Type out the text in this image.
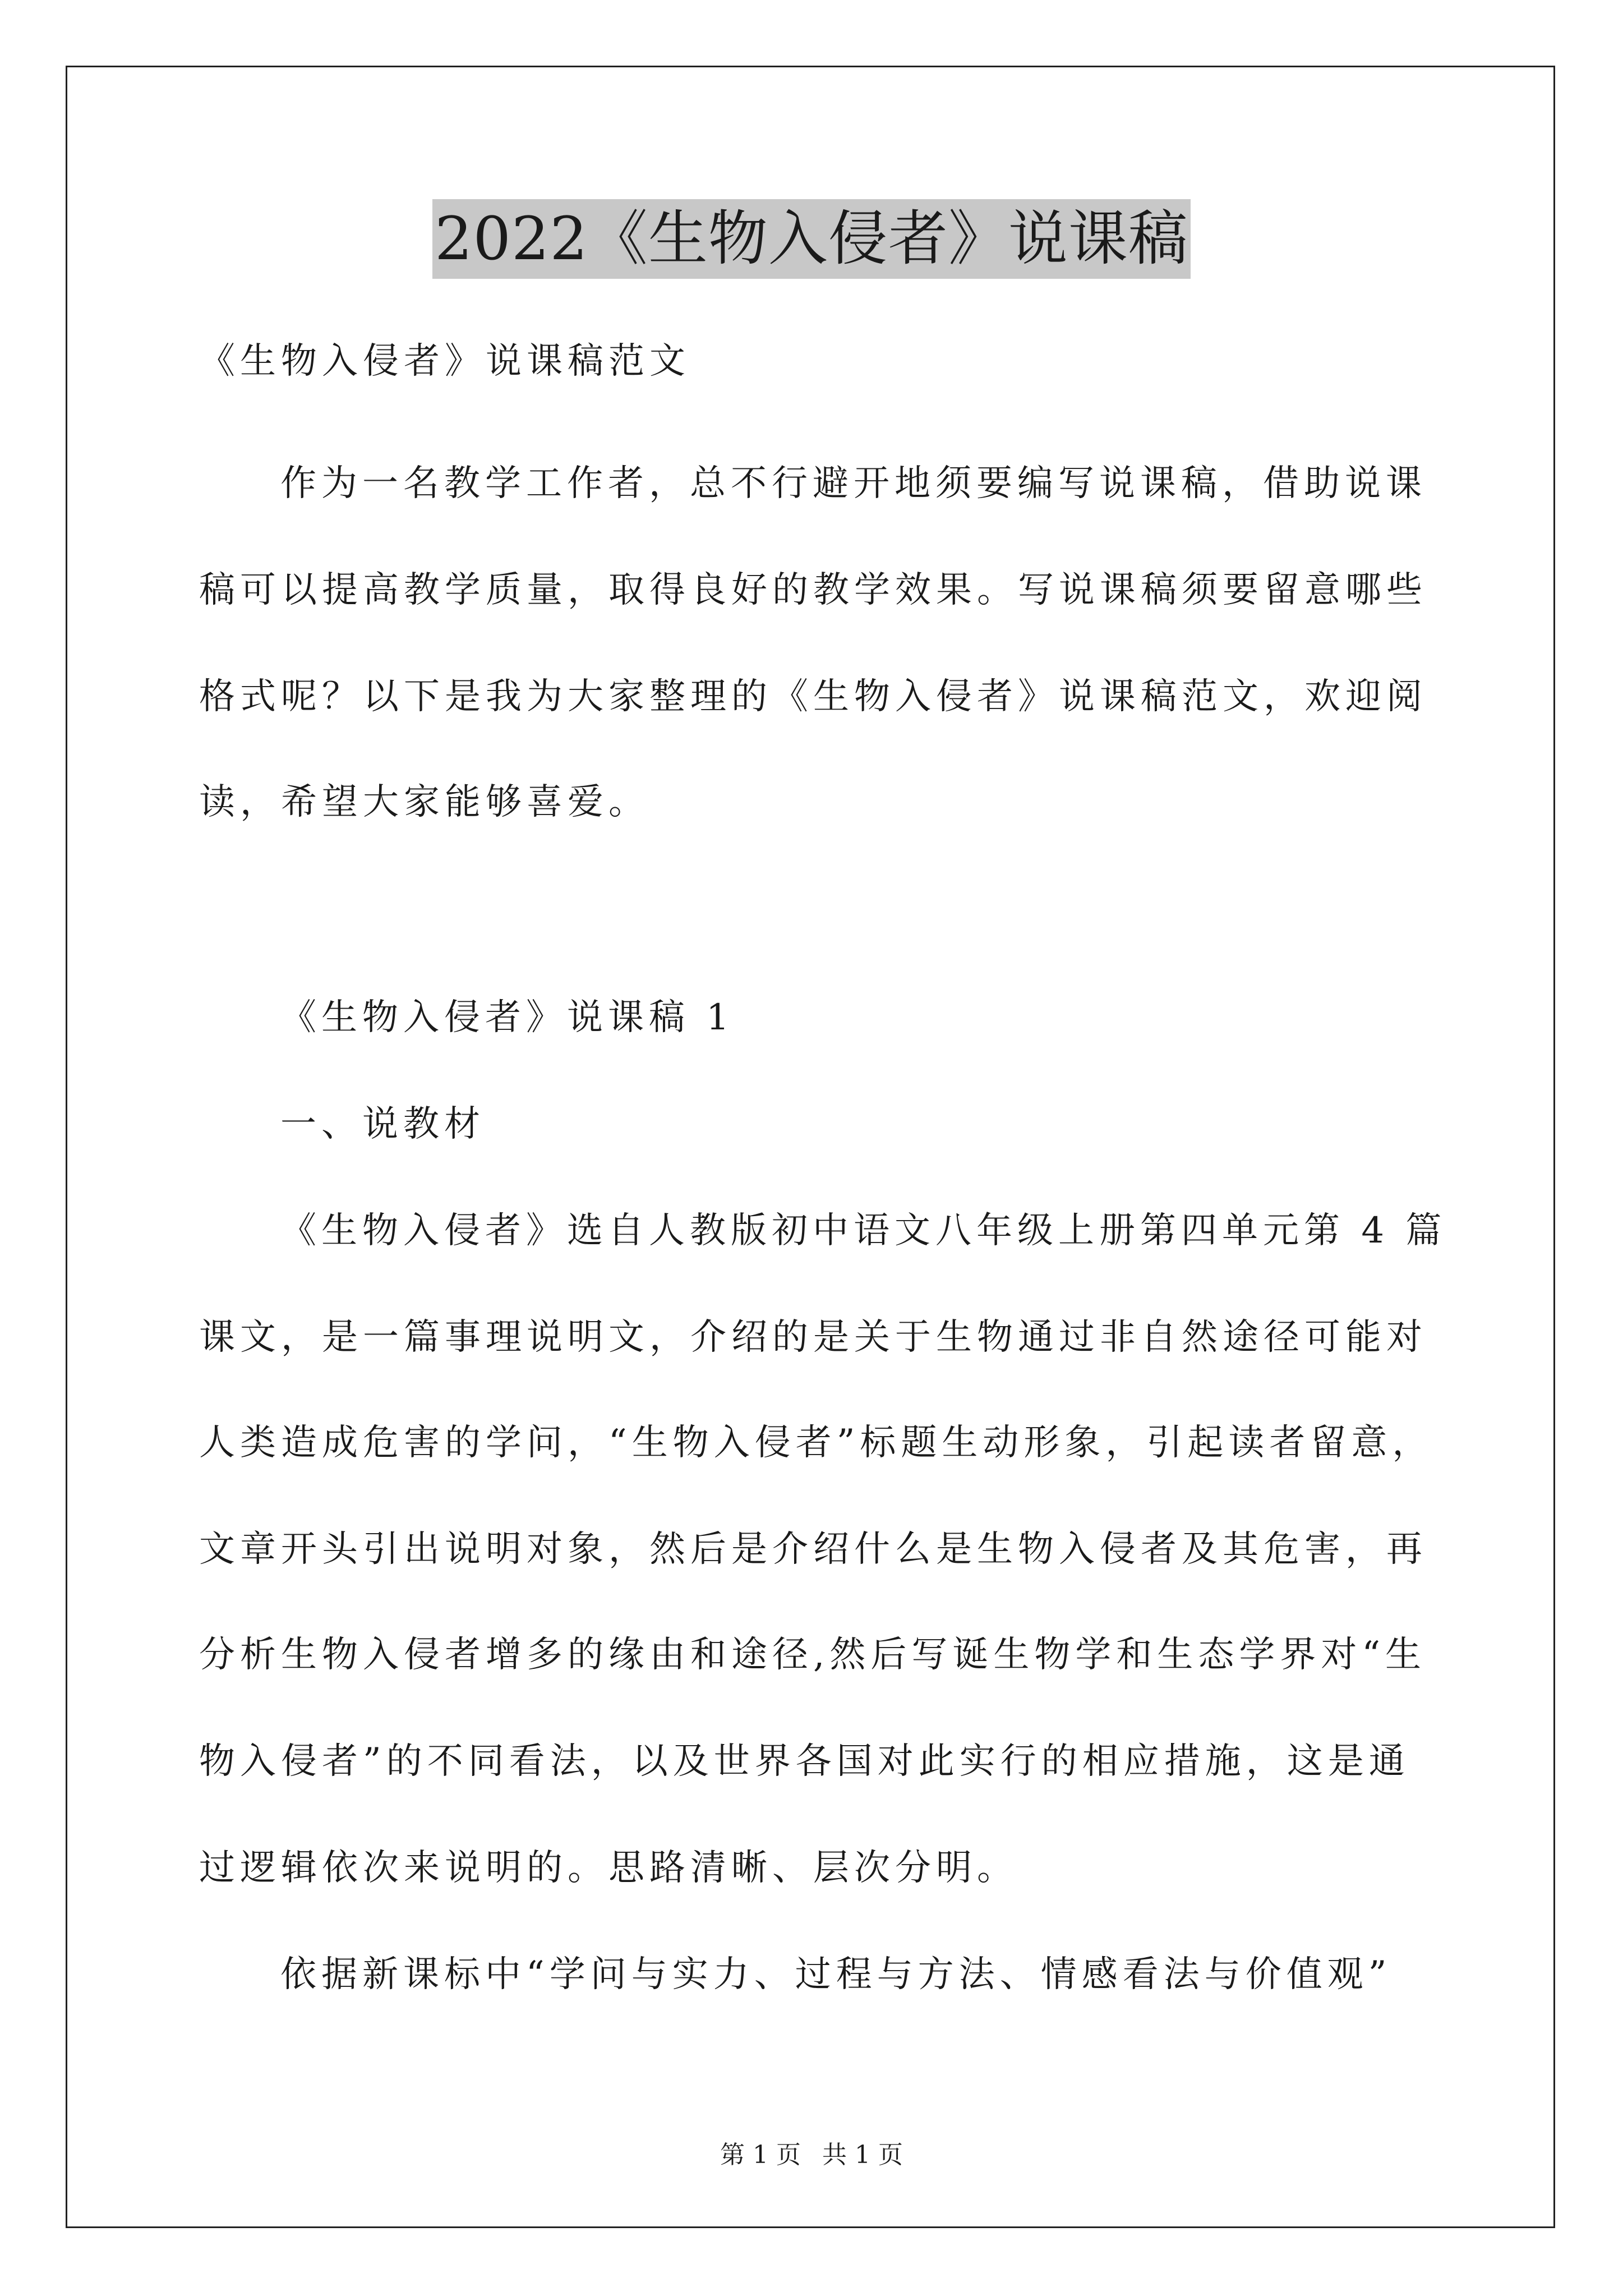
2022《生物入侵者》说课稿
《生物入侵者》说课稿范文
作为一名教学工作者，总不行避开地须要编写说课稿，借助说课
稿可以提高教学质量，取得良好的教学效果。写说课稿须要留意哪些
格式呢？以下是我为大家整理的《生物入侵者》说课稿范文，欢迎阅
读，希望大家能够喜爱。
《生物入侵者》说课稿 1
一、说教材
《生物入侵者》选自人教版初中语文八年级上册第四单元第 4 篇
课文，是一篇事理说明文，介绍的是关于生物通过非自然途径可能对
人类造成危害的学问，“生物入侵者”标题生动形象，引起读者留意，
文章开头引出说明对象，然后是介绍什么是生物入侵者及其危害，再
分析生物入侵者增多的缘由和途径,然后写诞生物学和生态学界对“生
物入侵者”的不同看法，以及世界各国对此实行的相应措施，这是通
过逻辑依次来说明的。思路清晰、层次分明。
依据新课标中“学问与实力、过程与方法、情感看法与价值观”
第 1 页 共 1 页
